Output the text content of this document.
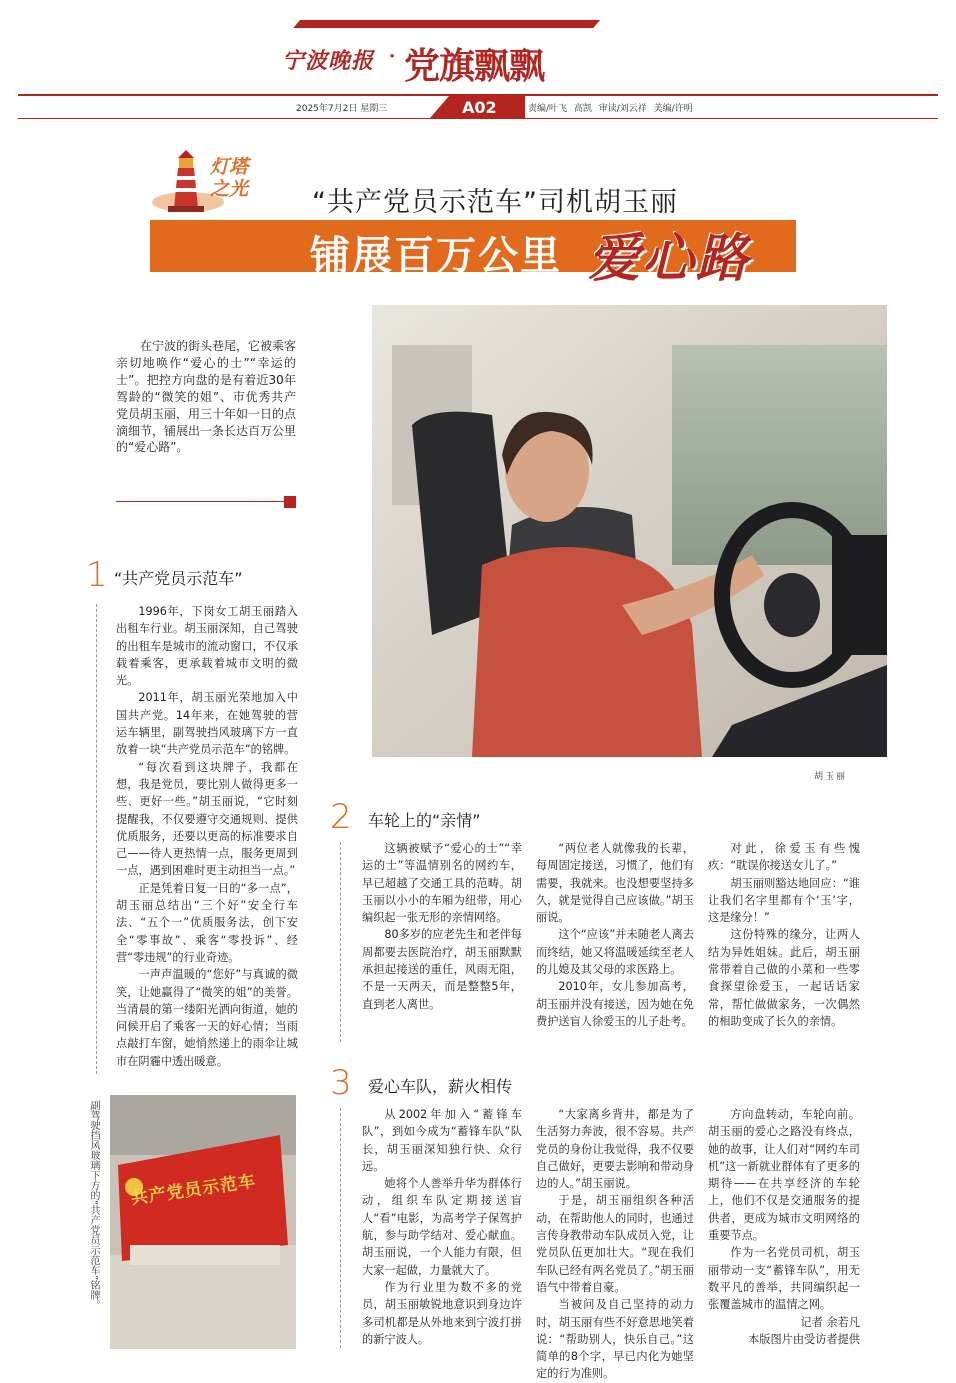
宁波晚报 · 党旗飘飘
2025年7月2日 星期三	A02	责编/叶飞 高凯 审读/刘云祥 美编/许明
灯塔之光	“共产党员示范车”司机胡玉丽
铺展百万公里 爱心路

在宁波的街头巷尾，它被乘客亲切地唤作“爱心的士”“幸运的士”。把控方向盘的是有着近30年驾龄的“微笑的姐”、市优秀共产党员胡玉丽，用三十年如一日的点滴细节，铺展出一条长达百万公里的“爱心路”。

胡玉丽
1 “共产党员示范车”

1996年，下岗女工胡玉丽踏入出租车行业。胡玉丽深知，自己驾驶的出租车是城市的流动窗口，不仅承载着乘客，更承载着城市文明的微光。

2011年，胡玉丽光荣地加入中国共产党。14年来，在她驾驶的营运车辆里，副驾驶挡风玻璃下方一直放着一块“共产党员示范车”的铭牌。

“每次看到这块牌子，我都在想，我是党员，要比别人做得更多一些、更好一些。”胡玉丽说，“它时刻提醒我，不仅要遵守交通规则、提供优质服务，还要以更高的标准要求自己——待人更热情一点，服务更周到一点，遇到困难时更主动担当一点。”

正是凭着日复一日的“多一点”，胡玉丽总结出“三个好”安全行车法、“五个一”优质服务法，创下安全“零事故”、乘客“零投诉”、经营“零违规”的行业奇迹。

一声声温暖的“您好”与真诚的微笑，让她赢得了“微笑的姐”的美誉。当清晨的第一缕阳光洒向街道，她的问候开启了乘客一天的好心情；当雨点敲打车窗，她悄然递上的雨伞让城市在阴霾中透出暖意。

2 车轮上的“亲情”

这辆被赋予“爱心的士”“幸运的士”等温情别名的网约车，早已超越了交通工具的范畴。胡玉丽以小小的车厢为纽带，用心编织起一张无形的亲情网络。

80多岁的应老先生和老伴每周都要去医院治疗，胡玉丽默默承担起接送的重任，风雨无阻，不是一天两天，而是整整5年，直到老人离世。

“两位老人就像我的长辈，每周固定接送，习惯了，他们有需要，我就来。也没想要坚持多久，就是觉得自己应该做。”胡玉丽说。

这个“应该”并未随老人离去而终结，她又将温暖延续至老人的儿媳及其父母的求医路上。

2010年，女儿参加高考，胡玉丽并没有接送，因为她在免费护送盲人徐爱玉的儿子赴考。

对此，徐爱玉有些愧疚：“耽误你接送女儿了。”

胡玉丽则豁达地回应：“谁让我们名字里都有个‘玉’字，这是缘分！”

这份特殊的缘分，让两人结为异姓姐妹。此后，胡玉丽常带着自己做的小菜和一些零食探望徐爱玉，一起话话家常，帮忙做做家务，一次偶然的相助变成了长久的亲情。

3 爱心车队，薪火相传

从2002年加入“蓄锋车队”，到如今成为“蓄锋车队”队长，胡玉丽深知独行快、众行远。

她将个人善举升华为群体行动，组织车队定期接送盲人“看”电影，为高考学子保驾护航，参与助学结对、爱心献血。胡玉丽说，一个人能力有限，但大家一起做，力量就大了。

作为行业里为数不多的党员，胡玉丽敏锐地意识到身边许多司机都是从外地来到宁波打拼的新宁波人。

“大家离乡背井，都是为了生活努力奔波，很不容易。共产党员的身份让我觉得，我不仅要自己做好，更要去影响和带动身边的人。”胡玉丽说。

于是，胡玉丽组织各种活动，在帮助他人的同时，也通过言传身教带动车队成员入党，让党员队伍更加壮大。“现在我们车队已经有两名党员了。”胡玉丽语气中带着自豪。

当被问及自己坚持的动力时，胡玉丽有些不好意思地笑着说：“帮助别人，快乐自己。”这简单的8个字，早已内化为她坚定的行为准则。

方向盘转动，车轮向前。胡玉丽的爱心之路没有终点，她的故事，让人们对“网约车司机”这一新就业群体有了更多的期待——在共享经济的车轮上，他们不仅是交通服务的提供者，更成为城市文明网络的重要节点。

作为一名党员司机，胡玉丽带动一支“蓄锋车队”，用无数平凡的善举，共同编织起一张覆盖城市的温情之网。

记者 余若凡
本版图片由受访者提供
副驾驶挡风玻璃下方的“共产党员示范车”铭牌。 共产党员示范车
